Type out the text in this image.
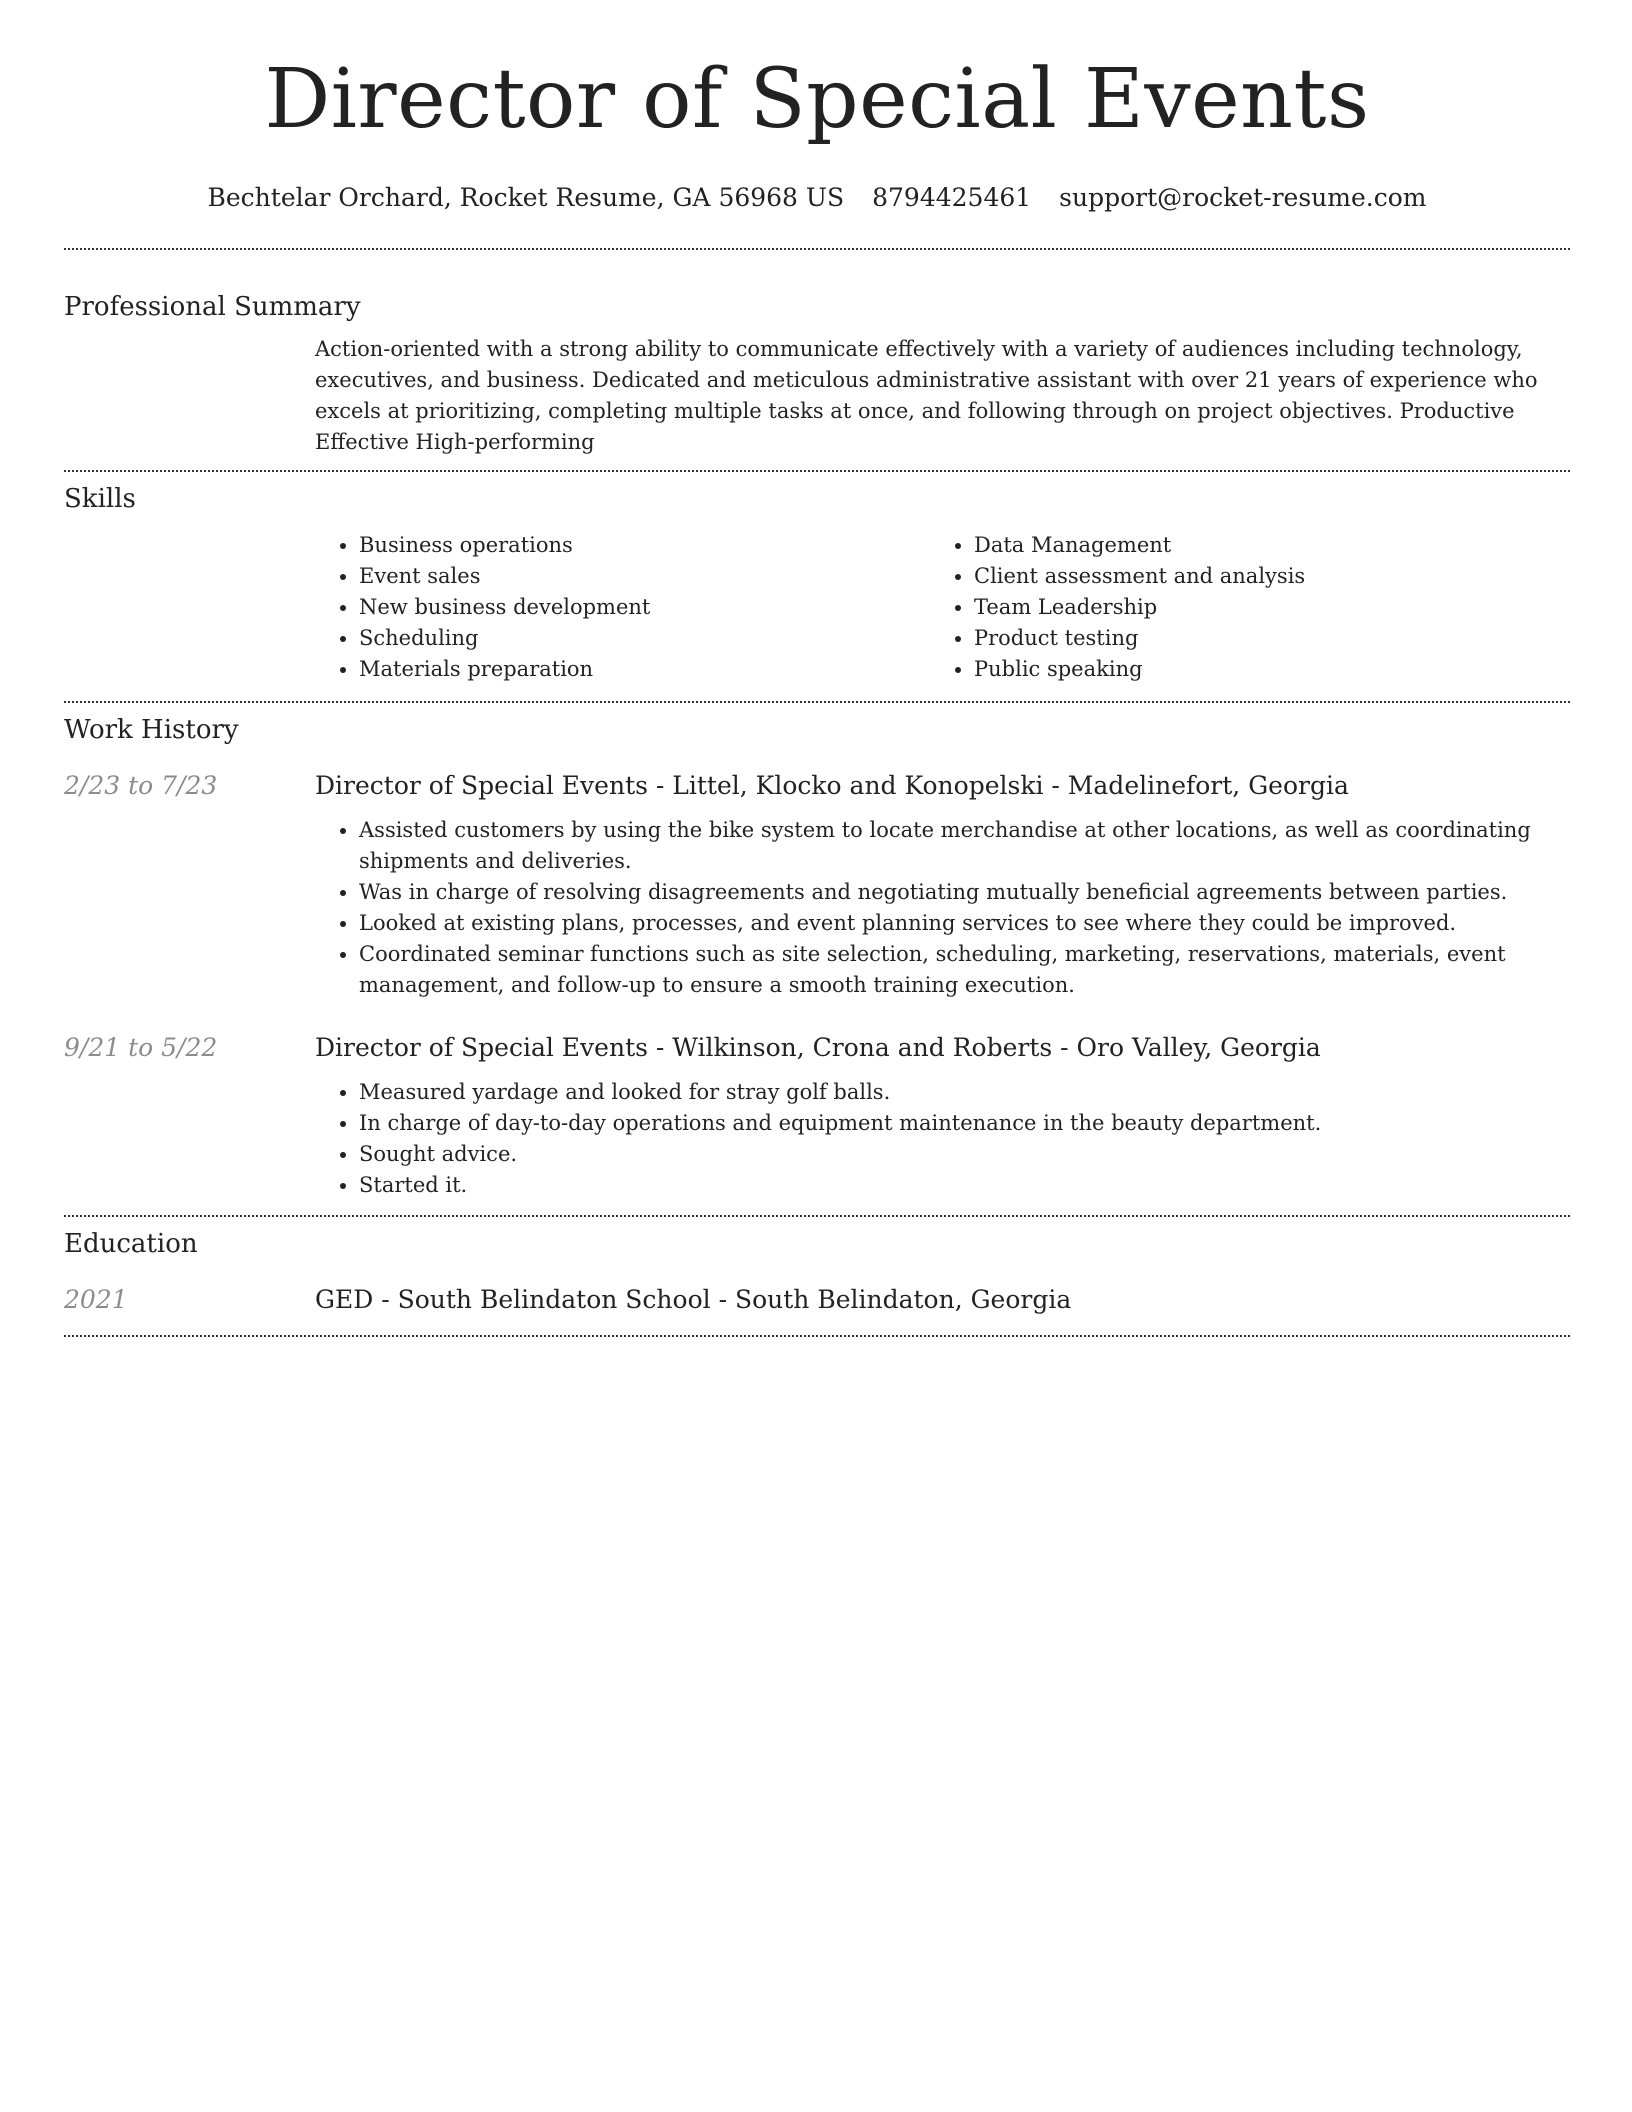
Director of Special Events
Bechtelar Orchard, Rocket Resume, GA 56968 US 8794425461 support@rocket-resume.com
Professional Summary

Action-oriented with a strong ability to communicate effectively with a variety of audiences including technology, executives, and business. Dedicated and meticulous administrative assistant with over 21 years of experience who excels at prioritizing, completing multiple tasks at once, and following through on project objectives. Productive Effective High-performing

Skills
• Business operations
• Event sales
• New business development
• Scheduling
• Materials preparation
• Data Management
• Client assessment and analysis
• Team Leadership
• Product testing
• Public speaking
Work History
2/23 to 7/23	Director of Special Events - Littel, Klocko and Konopelski - Madelinefort, Georgia
• Assisted customers by using the bike system to locate merchandise at other locations, as well as coordinating shipments and deliveries.
• Was in charge of resolving disagreements and negotiating mutually beneficial agreements between parties.
• Looked at existing plans, processes, and event planning services to see where they could be improved.
• Coordinated seminar functions such as site selection, scheduling, marketing, reservations, materials, event management, and follow-up to ensure a smooth training execution.
9/21 to 5/22	Director of Special Events - Wilkinson, Crona and Roberts - Oro Valley, Georgia
• Measured yardage and looked for stray golf balls.
• In charge of day-to-day operations and equipment maintenance in the beauty department.
• Sought advice.
• Started it.
Education
2021	GED - South Belindaton School - South Belindaton, Georgia
